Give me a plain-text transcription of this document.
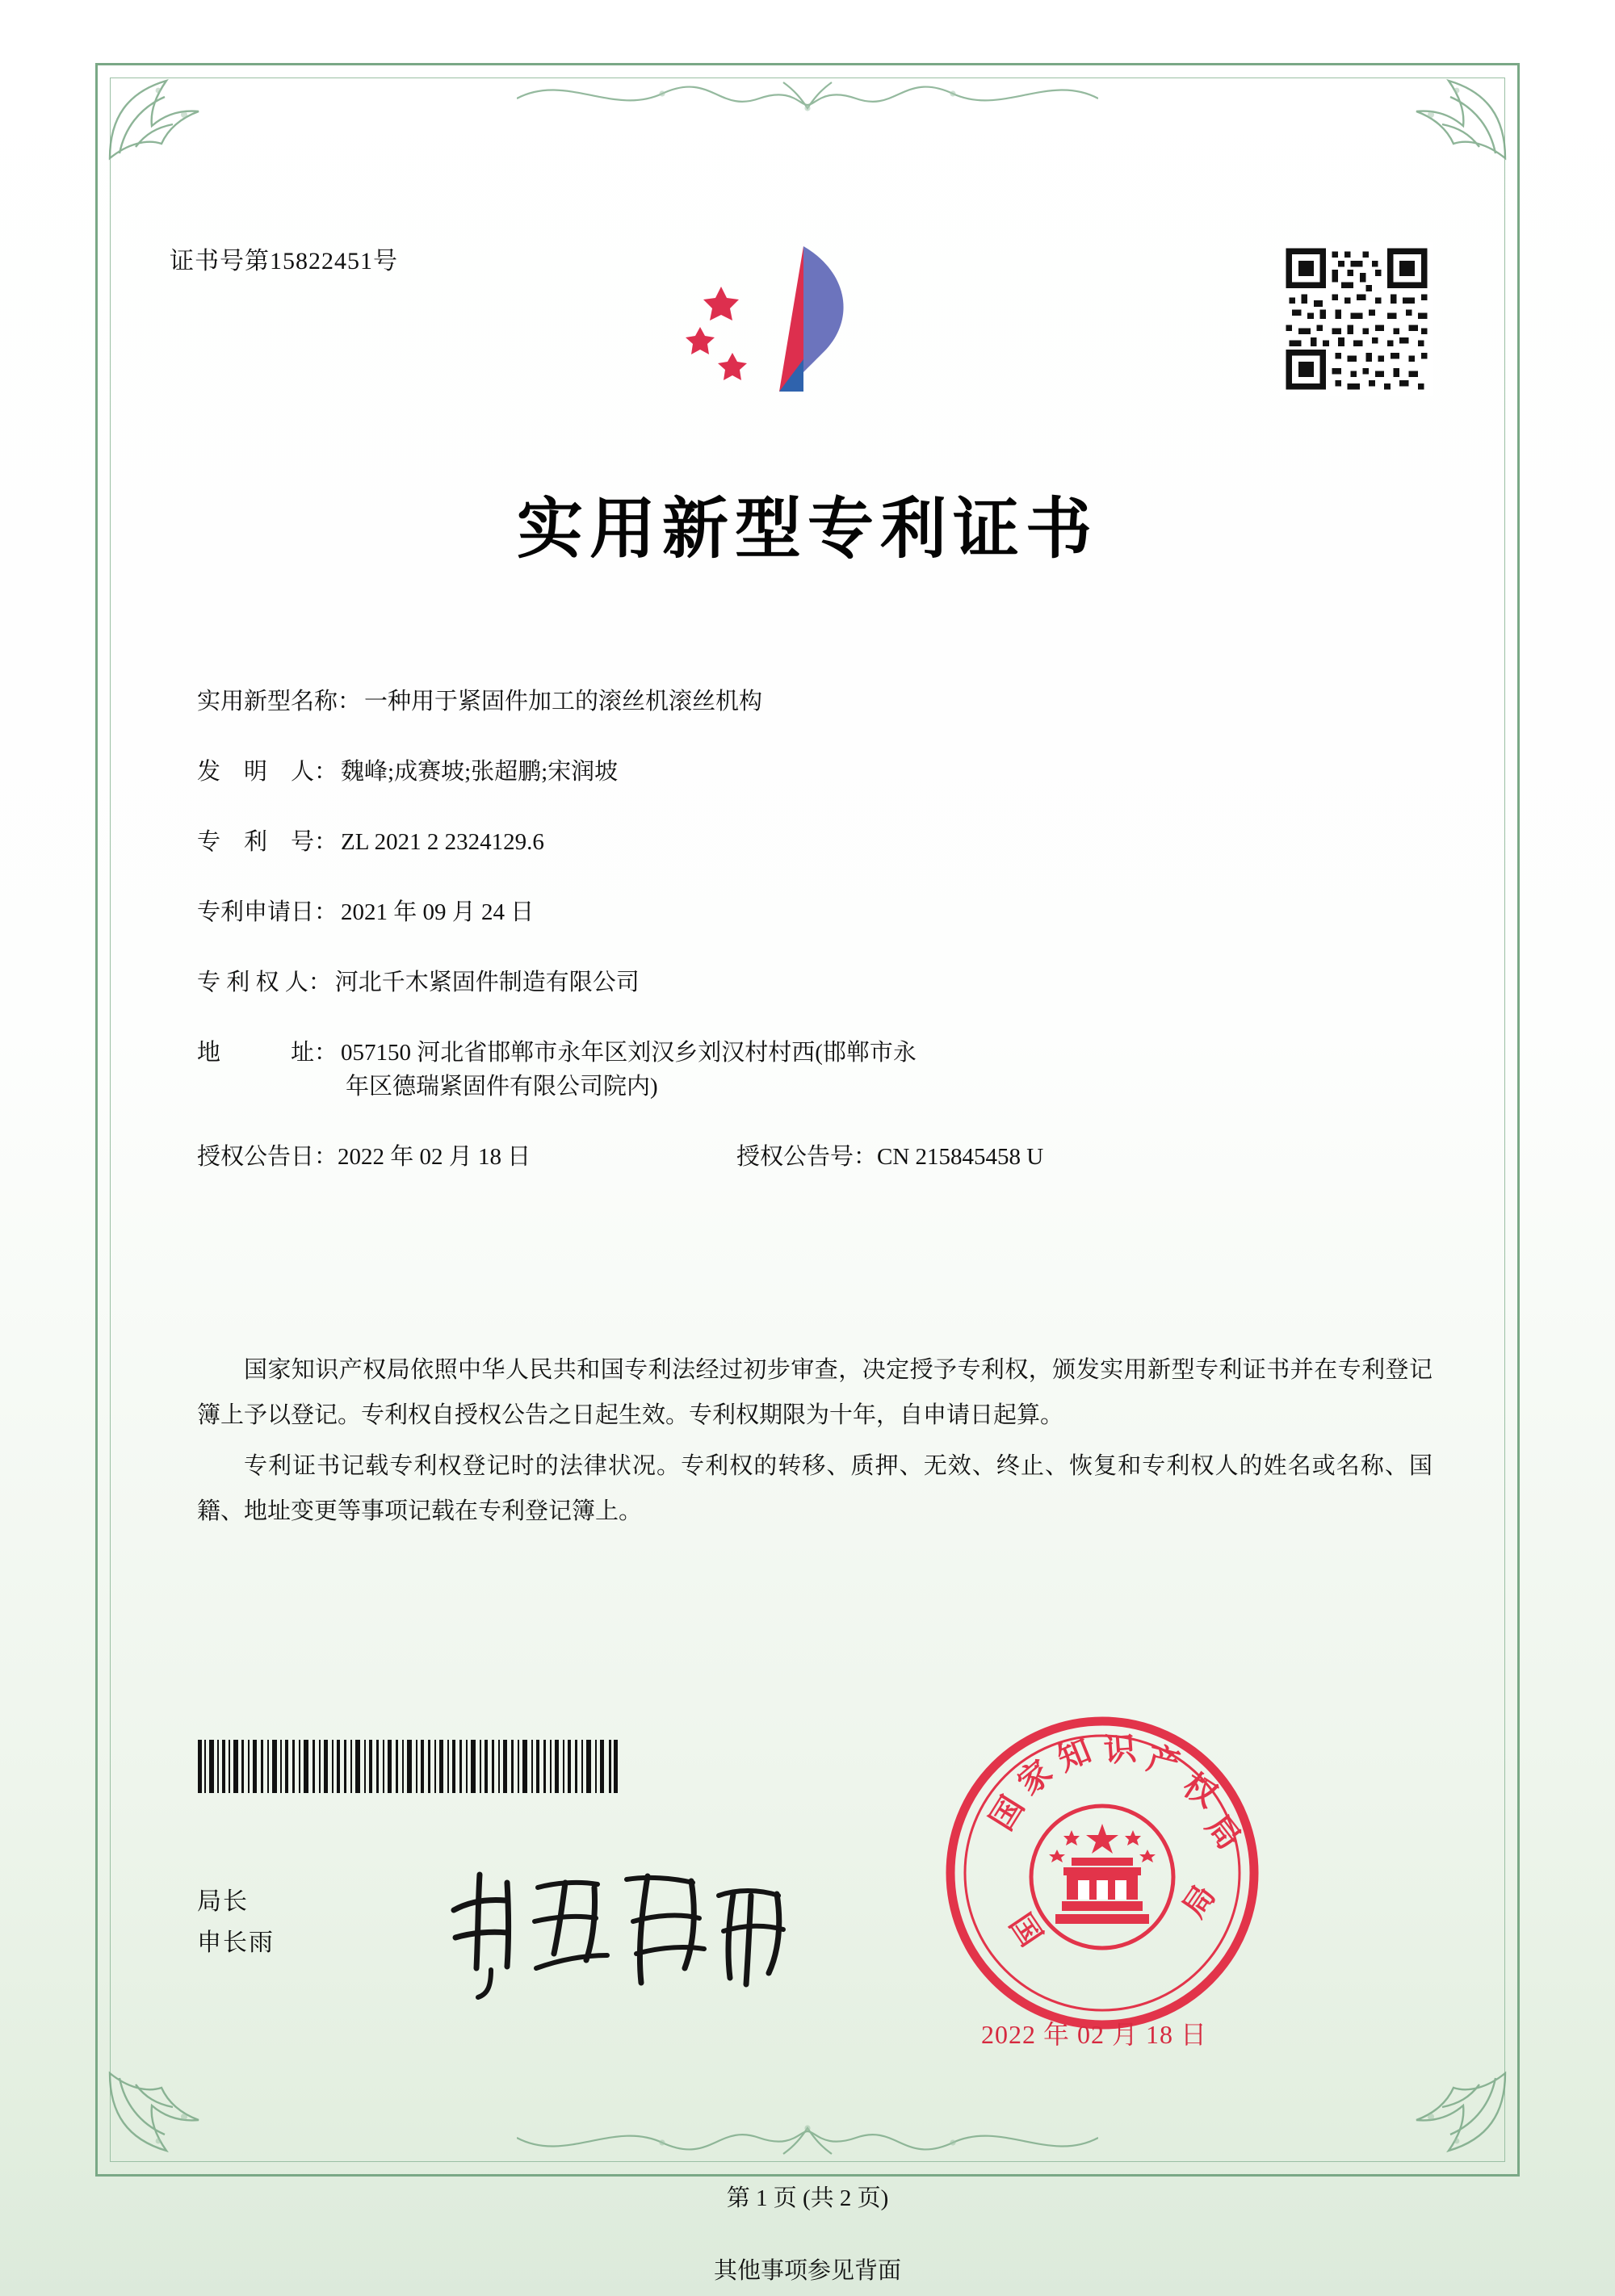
证书号第15822451号
实用新型专利证书
实用新型名称： 一种用于紧固件加工的滚丝机滚丝机构
发　明　人： 魏峰;成赛坡;张超鹏;宋润坡
专　利　号： ZL 2021 2 2324129.6
专利申请日： 2021 年 09 月 24 日
专 利 权 人： 河北千木紧固件制造有限公司
地　　　址： 057150 河北省邯郸市永年区刘汉乡刘汉村村西(邯郸市永
年区德瑞紧固件有限公司院内)
授权公告日：2022 年 02 月 18 日	授权公告号：CN 215845458 U

国家知识产权局依照中华人民共和国专利法经过初步审查，决定授予专利权，颁发实用新型专利证书并在专利登记簿上予以登记。专利权自授权公告之日起生效。专利权期限为十年，自申请日起算。

专利证书记载专利权登记时的法律状况。专利权的转移、质押、无效、终止、恢复和专利权人的姓名或名称、国籍、地址变更等事项记载在专利登记簿上。

局长
申长雨
国
家
知 识 产
权
局
国
局
2022 年 02 月 18 日
第 1 页 (共 2 页)
其他事项参见背面
